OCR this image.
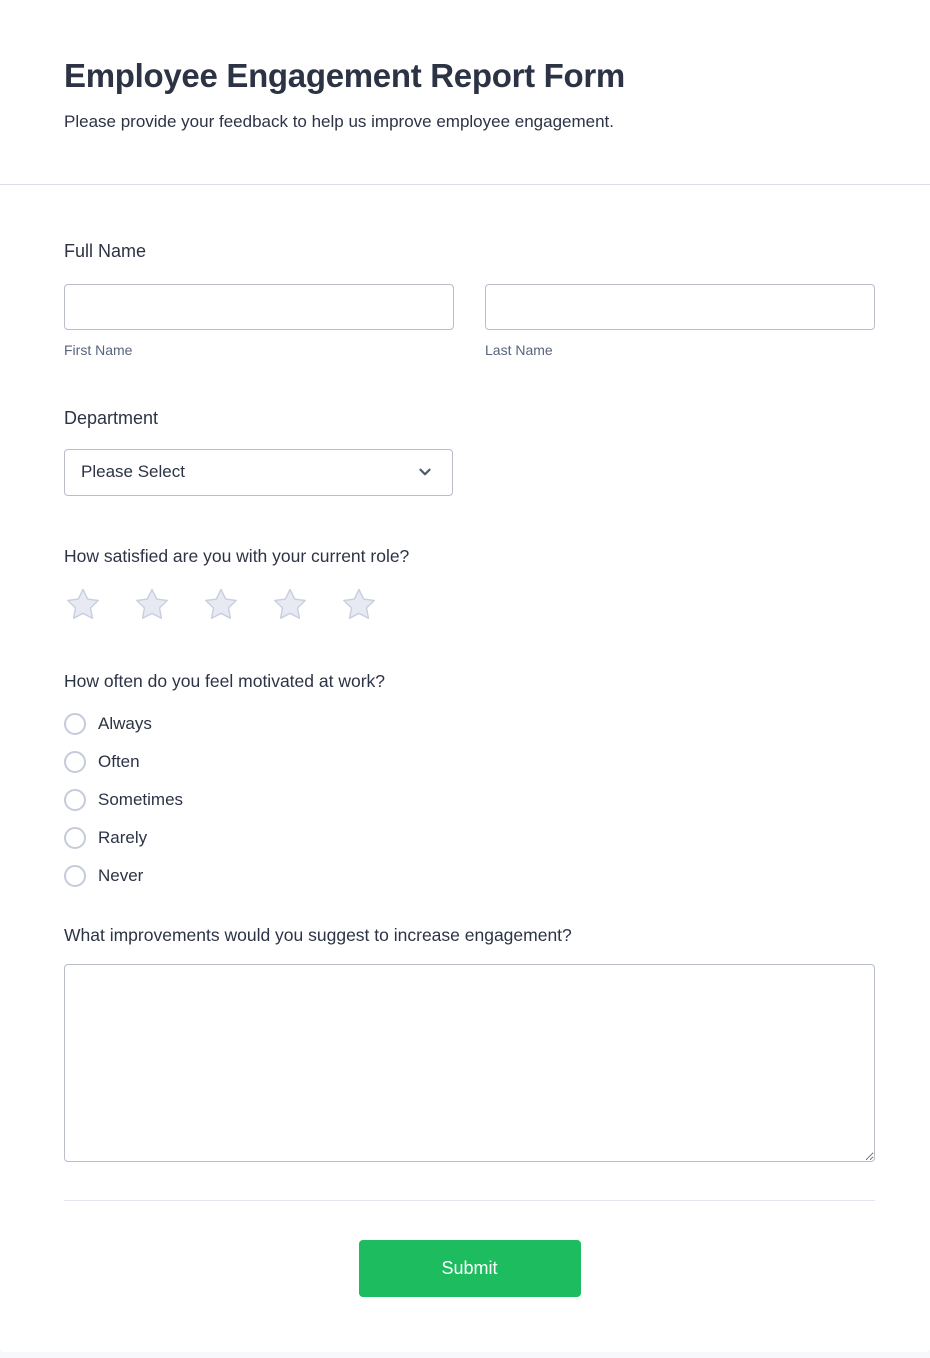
Employee Engagement Report Form
Please provide your feedback to help us improve employee engagement.
Full Name
First Name	Last Name
Department
Please Select
How satisfied are you with your current role?
How often do you feel motivated at work?
Always
Often
Sometimes
Rarely
Never
What improvements would you suggest to increase engagement?
Submit
